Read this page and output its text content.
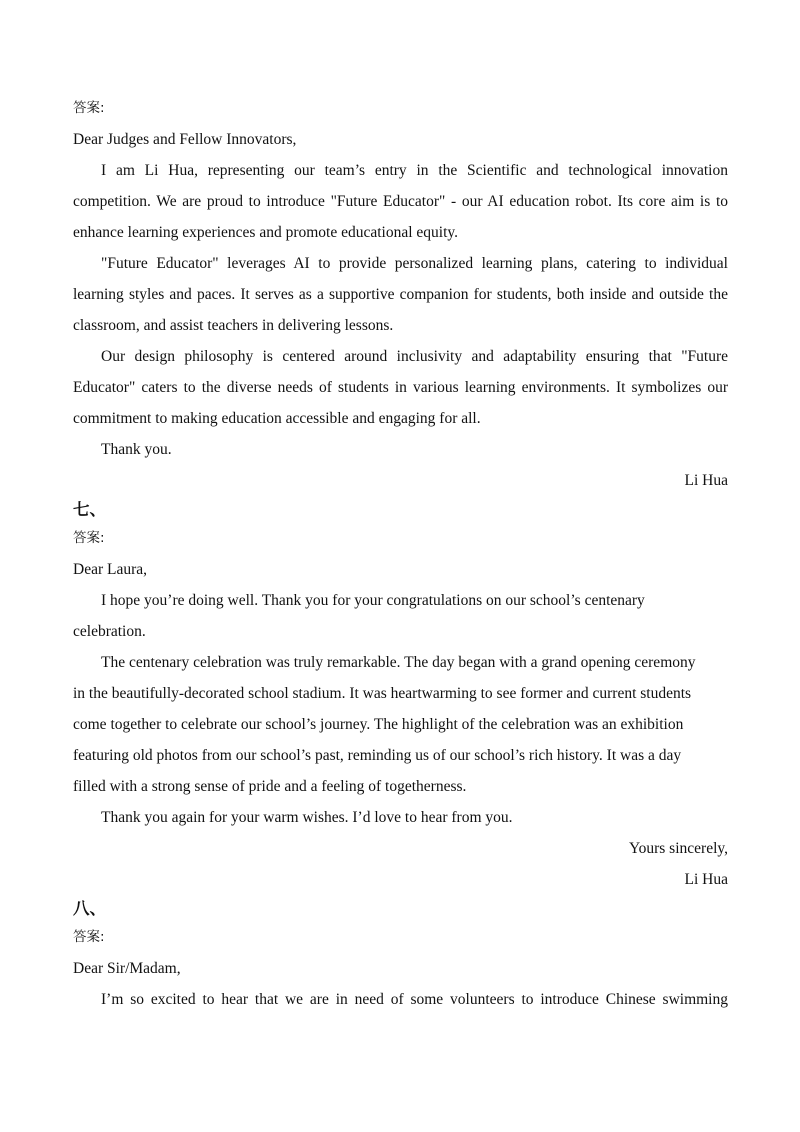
答案:
Dear Judges and Fellow Innovators,
I am Li Hua, representing our team’s entry in the Scientific and technological innovation
competition. We are proud to introduce "Future Educator" - our AI education robot. Its core aim is to
enhance learning experiences and promote educational equity.
"Future Educator" leverages AI to provide personalized learning plans, catering to individual
learning styles and paces. It serves as a supportive companion for students, both inside and outside the
classroom, and assist teachers in delivering lessons.
Our design philosophy is centered around inclusivity and adaptability ensuring that "Future
Educator" caters to the diverse needs of students in various learning environments. It symbolizes our
commitment to making education accessible and engaging for all.
Thank you.
Li Hua
七、
答案:
Dear Laura,
I hope you’re doing well. Thank you for your congratulations on our school’s centenary
celebration.
The centenary celebration was truly remarkable. The day began with a grand opening ceremony
in the beautifully-decorated school stadium. It was heartwarming to see former and current students
come together to celebrate our school’s journey. The highlight of the celebration was an exhibition
featuring old photos from our school’s past, reminding us of our school’s rich history. It was a day
filled with a strong sense of pride and a feeling of togetherness.
Thank you again for your warm wishes. I’d love to hear from you.
Yours sincerely,
Li Hua
八、
答案:
Dear Sir/Madam,
I’m so excited to hear that we are in need of some volunteers to introduce Chinese swimming
